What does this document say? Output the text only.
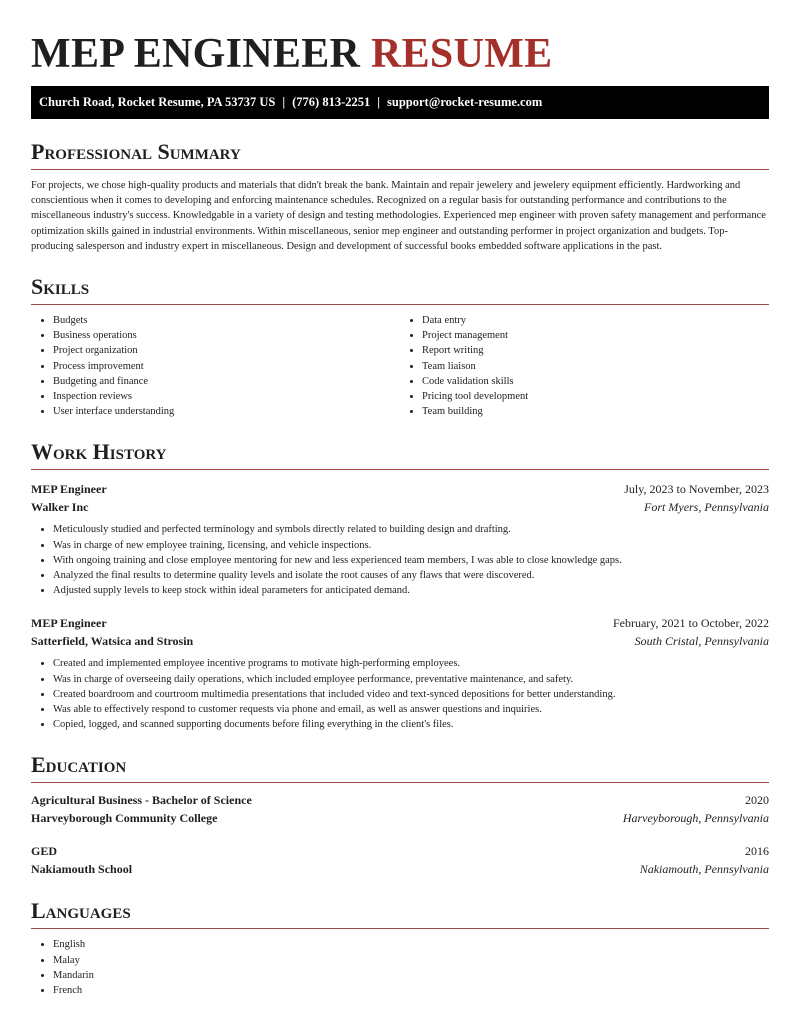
MEP ENGINEER RESUME
Church Road, Rocket Resume, PA 53737 US | (776) 813-2251 | support@rocket-resume.com
Professional Summary

For projects, we chose high-quality products and materials that didn't break the bank. Maintain and repair jewelery and jewelery equipment efficiently. Hardworking and conscientious when it comes to developing and enforcing maintenance schedules. Recognized on a regular basis for outstanding performance and contributions to the miscellaneous industry's success. Knowledgable in a variety of design and testing methodologies. Experienced mep engineer with proven safety management and performance optimization skills gained in industrial environments. Within miscellaneous, senior mep engineer and outstanding performer in project organization and budgets. Top-producing salesperson and industry expert in miscellaneous. Design and development of successful books embedded software applications in the past.

Skills
• Budgets
• Business operations
• Project organization
• Process improvement
• Budgeting and finance
• Inspection reviews
• User interface understanding
• Data entry
• Project management
• Report writing
• Team liaison
• Code validation skills
• Pricing tool development
• Team building
Work History
MEP Engineer	July, 2023 to November, 2023
Walker Inc	Fort Myers, Pennsylvania
• Meticulously studied and perfected terminology and symbols directly related to building design and drafting.
• Was in charge of new employee training, licensing, and vehicle inspections.
• With ongoing training and close employee mentoring for new and less experienced team members, I was able to close knowledge gaps.
• Analyzed the final results to determine quality levels and isolate the root causes of any flaws that were discovered.
• Adjusted supply levels to keep stock within ideal parameters for anticipated demand.
MEP Engineer	February, 2021 to October, 2022
Satterfield, Watsica and Strosin	South Cristal, Pennsylvania
• Created and implemented employee incentive programs to motivate high-performing employees.
• Was in charge of overseeing daily operations, which included employee performance, preventative maintenance, and safety.
• Created boardroom and courtroom multimedia presentations that included video and text-synced depositions for better understanding.
• Was able to effectively respond to customer requests via phone and email, as well as answer questions and inquiries.
• Copied, logged, and scanned supporting documents before filing everything in the client's files.
Education
Agricultural Business - Bachelor of Science	2020
Harveyborough Community College	Harveyborough, Pennsylvania
GED	2016
Nakiamouth School	Nakiamouth, Pennsylvania
Languages
• English
• Malay
• Mandarin
• French
